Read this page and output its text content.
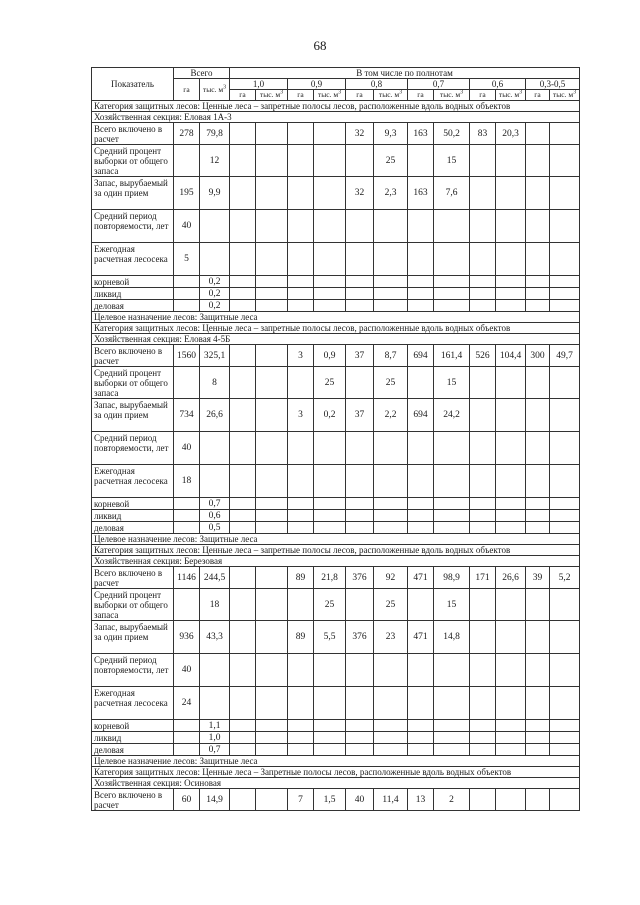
68
Показатель	Всего		В том числе по полнотам											
	га	тыс. $м^3$	1,0		0,9		0,8		0,7		0,6		0,3-0,5	
			га	тыс. $м^3$	га	тыс. $м^3$	га	тыс. $м^3$	га	тыс. $м^3$	га	тыс. $м^3$	га	тыс. $м^3$
Категория защитных лесов: Ценные леса – запретные полосы лесов, расположенные вдоль водных объектов														
Хозяйственная секция: Еловая 1А-3														
Всего включено в расчет	278	79,8					32	9,3	163	50,2	83	20,3		
Средний процент выборки от общего запаса		12						25		15				
Запас, вырубаемый за один прием	195	9,9					32	2,3	163	7,6				
Средний период повторяемости, лет	40													
Ежегодная расчетная лесосека	5													
корневой		0,2												
ликвид		0,2												
деловая		0,2												
Целевое назначение лесов: Защитные леса														
Категория защитных лесов: Ценные леса – запретные полосы лесов, расположенные вдоль водных объектов														
Хозяйственная секция: Еловая 4-5Б														
Всего включено в расчет	1560	325,1			3	0,9	37	8,7	694	161,4	526	104,4	300	49,7
Средний процент выборки от общего запаса		8				25		25		15				
Запас, вырубаемый за один прием	734	26,6			3	0,2	37	2,2	694	24,2				
Средний период повторяемости, лет	40													
Ежегодная расчетная лесосека	18													
корневой		0,7												
ликвид		0,6												
деловая		0,5												
Целевое назначение лесов: Защитные леса														
Категория защитных лесов: Ценные леса – запретные полосы лесов, расположенные вдоль водных объектов														
Хозяйственная секция: Березовая														
Всего включено в расчет	1146	244,5			89	21,8	376	92	471	98,9	171	26,6	39	5,2
Средний процент выборки от общего запаса		18				25		25		15				
Запас, вырубаемый за один прием	936	43,3			89	5,5	376	23	471	14,8				
Средний период повторяемости, лет	40													
Ежегодная расчетная лесосека	24													
корневой		1,1												
ликвид		1,0												
деловая		0,7												
Целевое назначение лесов: Защитные леса														
Категория защитных лесов: Ценные леса – Запретные полосы лесов, расположенные вдоль водных объектов														
Хозяйственная секция: Осиновая														
Всего включено в расчет	60	14,9			7	1,5	40	11,4	13	2				
